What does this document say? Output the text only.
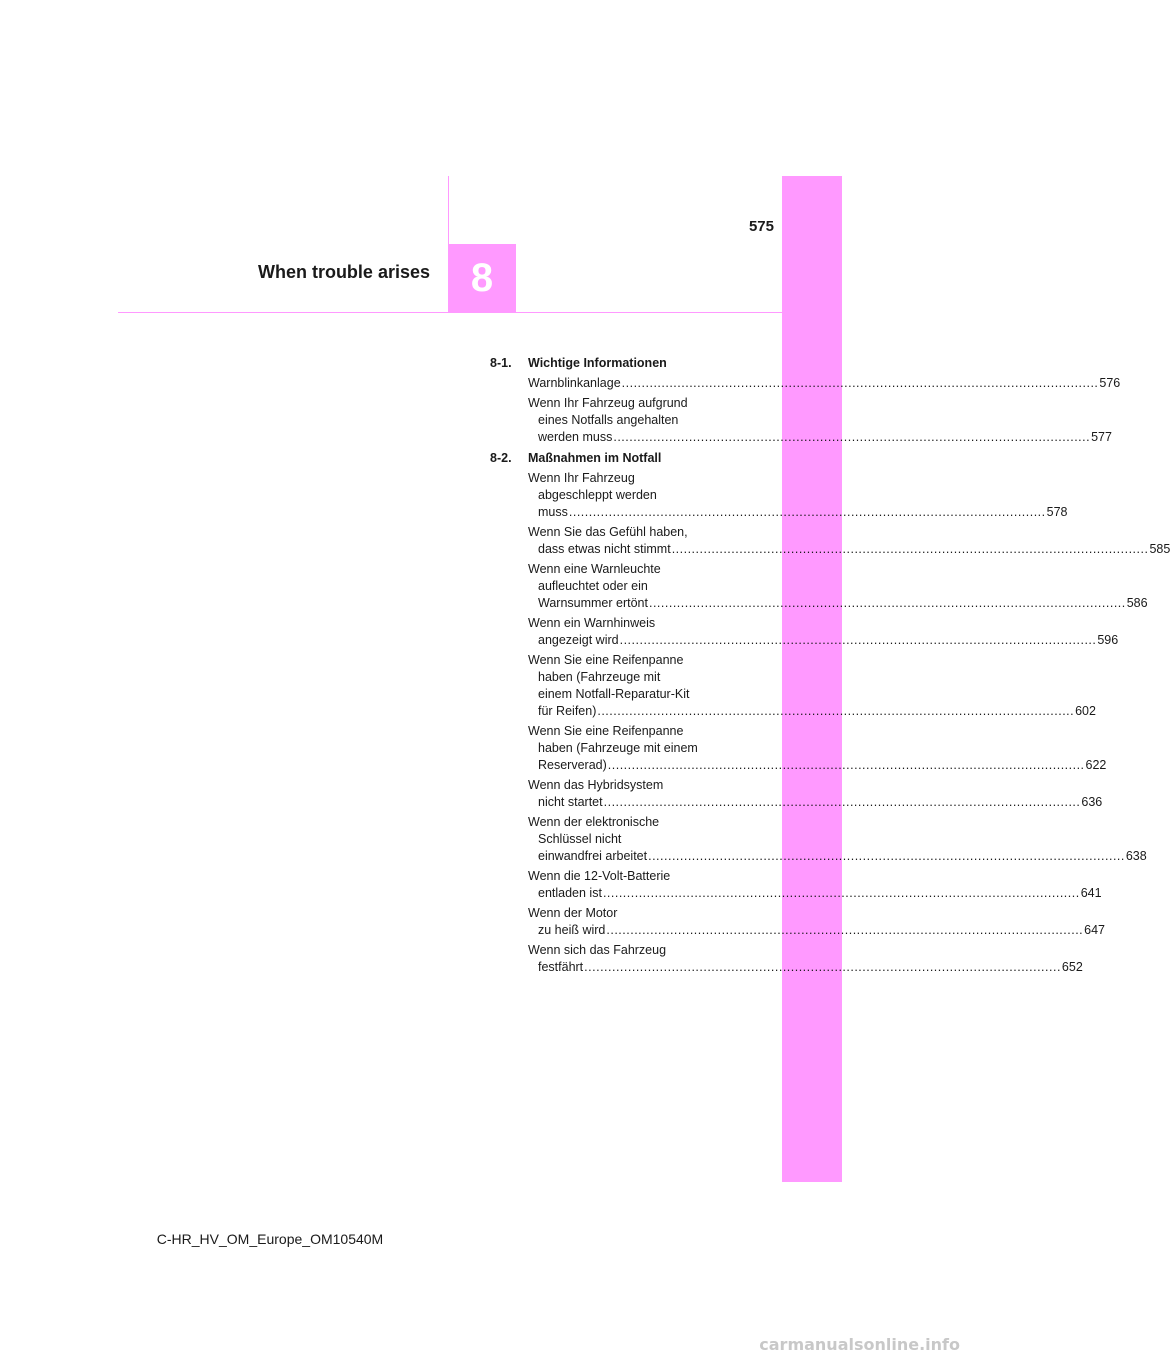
575
When trouble arises 8
8-1.	Wichtige Informationen
Warnblinkanlage ........................................................................................................................ 576
Wenn Ihr Fahrzeug aufgrund
eines Notfalls angehalten
werden muss ........................................................................................................................ 577
8-2.	Maßnahmen im Notfall
Wenn Ihr Fahrzeug
abgeschleppt werden
muss ........................................................................................................................ 578
Wenn Sie das Gefühl haben,
dass etwas nicht stimmt ........................................................................................................................ 585
Wenn eine Warnleuchte
aufleuchtet oder ein
Warnsummer ertönt ........................................................................................................................ 586
Wenn ein Warnhinweis
angezeigt wird ........................................................................................................................ 596
Wenn Sie eine Reifenpanne
haben (Fahrzeuge mit
einem Notfall-Reparatur-Kit
für Reifen) ........................................................................................................................ 602
Wenn Sie eine Reifenpanne
haben (Fahrzeuge mit einem
Reserverad) ........................................................................................................................ 622
Wenn das Hybridsystem
nicht startet ........................................................................................................................ 636
Wenn der elektronische
Schlüssel nicht
einwandfrei arbeitet ........................................................................................................................ 638
Wenn die 12-Volt-Batterie
entladen ist ........................................................................................................................ 641
Wenn der Motor
zu heiß wird ........................................................................................................................ 647
Wenn sich das Fahrzeug
festfährt ........................................................................................................................ 652
C-HR_HV_OM_Europe_OM10540M
carmanualsonline.info
